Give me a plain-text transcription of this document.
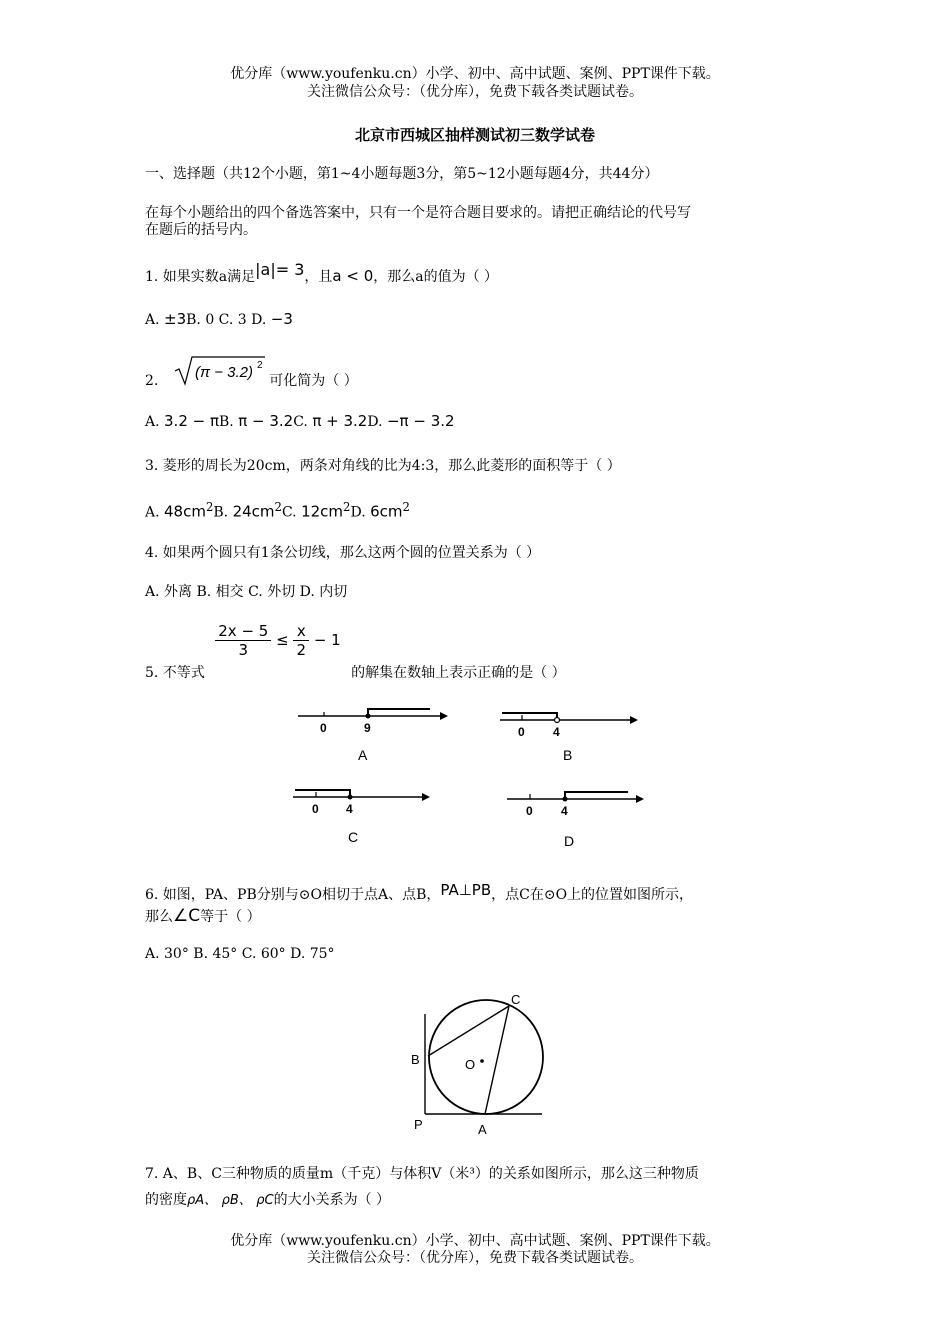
优分库（www.youfenku.cn）小学、初中、高中试题、案例、PPT课件下载。
关注微信公众号：（优分库），免费下载各类试题试卷。
北京市西城区抽样测试初三数学试卷
一、选择题（共12个小题，第1~4小题每题3分，第5~12小题每题4分，共44分）
在每个小题给出的四个备选答案中，只有一个是符合题目要求的。请把正确结论的代号写
在题后的括号内。
1. 如果实数a满足|a|= 3，且a < 0，那么a的值为（ ）
A. ±3B. 0 C. 3 D. −3
2. (π − 3.2) 2
可化简为（ ）
A. 3.2 − πB. π − 3.2C. π + 3.2D. −π − 3.2
3. 菱形的周长为20cm，两条对角线的比为4:3，那么此菱形的面积等于（ ）
A. $48cm^2B$. $24cm^2C$. $12cm^2D$. $6cm^2$
4. 如果两个圆只有1条公切线，那么这两个圆的位置关系为（ ）
A. 外离 B. 相交 C. 外切 D. 内切
5. 不等式
$\frac{2x - 5}{3} \le \frac{x}{2} - 1$ 的解集在数轴上表示正确的是（ ）
0	9
A
0 4
B
0 4
C
0 4
D
6. 如图，PA、PB分别与⊙O相切于点A、点B，PA⊥PB，点C在⊙O上的位置如图所示，
那么∠C等于（ ）
A. 30° B. 45° C. 60° D. 75°
C
B	O
P	A
7. A、B、C三种物质的质量m（千克）与体积V（米³）的关系如图所示，那么这三种物质
的密度ρA、 ρB、 ρC的大小关系为（ ）
优分库（www.youfenku.cn）小学、初中、高中试题、案例、PPT课件下载。
关注微信公众号：（优分库），免费下载各类试题试卷。
